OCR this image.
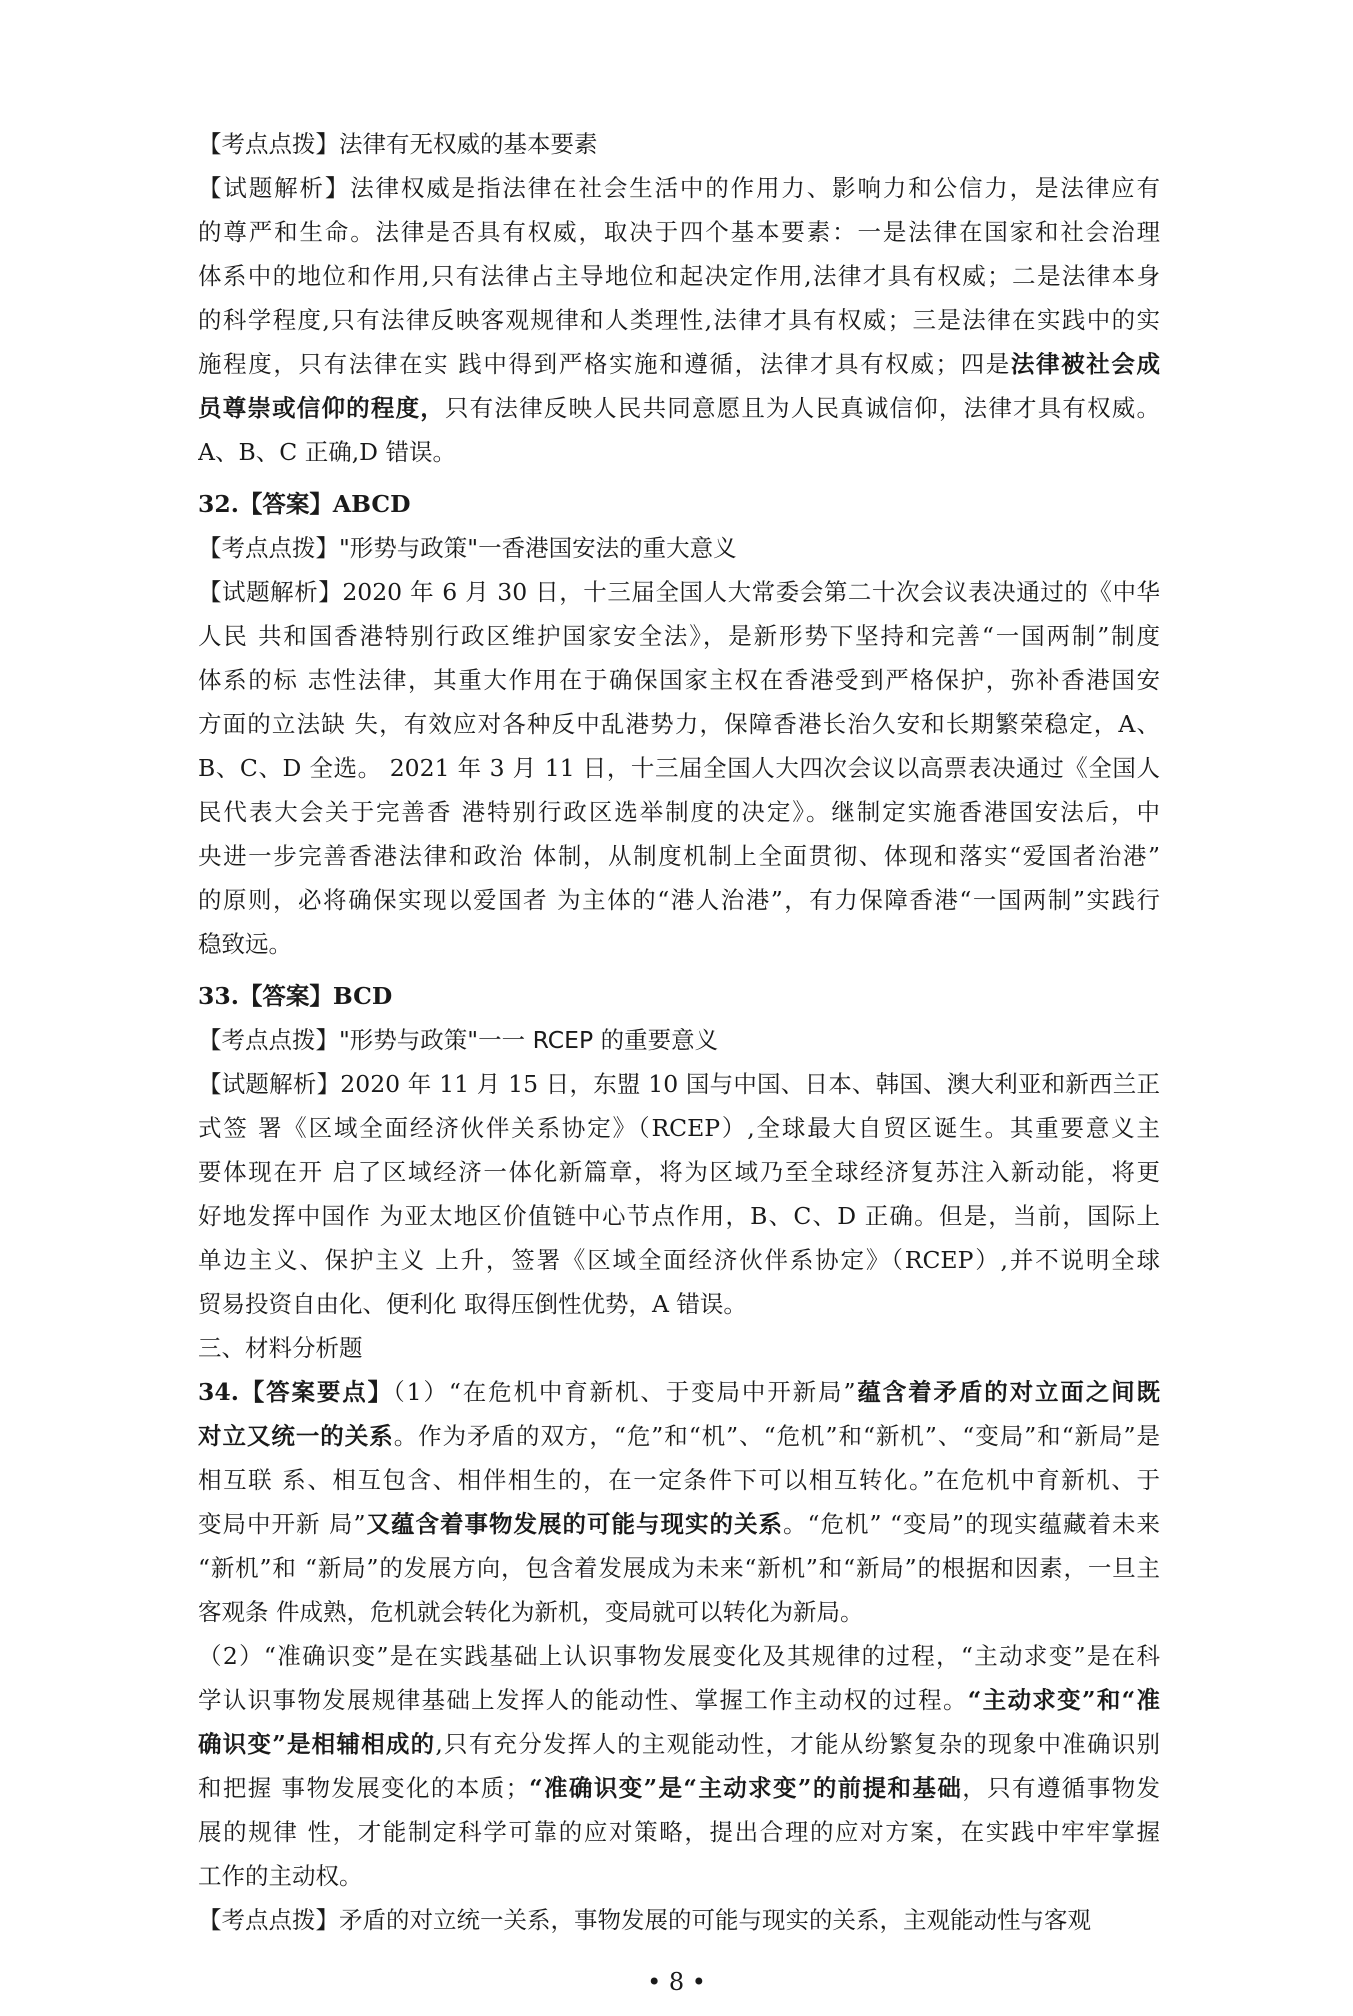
【考点点拨】法律有无权威的基本要素
【试题解析】法律权威是指法律在社会生活中的作用力、影响力和公信力，是法律应有
的尊严和生命。法律是否具有权威，取决于四个基本要素：一是法律在国家和社会治理
体系中的地位和作用,只有法律占主导地位和起决定作用,法律才具有权威；二是法律本身
的科学程度,只有法律反映客观规律和人类理性,法律才具有权威；三是法律在实践中的实
施程度，只有法律在实 践中得到严格实施和遵循，法律才具有权威；四是法律被社会成
员尊崇或信仰的程度，只有法律反映人民共同意愿且为人民真诚信仰，法律才具有权威。
A、B、C 正确,D 错误。
32.【答案】ABCD
【考点点拨】"形势与政策"一香港国安法的重大意义
【试题解析】2020 年 6 月 30 日，十三届全国人大常委会第二十次会议表决通过的《中华
人民 共和国香港特别行政区维护国家安全法》，是新形势下坚持和完善“一国两制”制度
体系的标 志性法律，其重大作用在于确保国家主权在香港受到严格保护，弥补香港国安
方面的立法缺 失，有效应对各种反中乱港势力，保障香港长治久安和长期繁荣稳定，A、
B、C、D 全选。 2021 年 3 月 11 日，十三届全国人大四次会议以高票表决通过《全国人
民代表大会关于完善香 港特别行政区选举制度的决定》。继制定实施香港国安法后，中
央进一步完善香港法律和政治 体制，从制度机制上全面贯彻、体现和落实“爱国者治港”
的原则，必将确保实现以爱国者 为主体的“港人治港”，有力保障香港“一国两制”实践行
稳致远。
33.【答案】BCD
【考点点拨】"形势与政策"一一 RCEP 的重要意义
【试题解析】2020 年 11 月 15 日，东盟 10 国与中国、日本、韩国、澳大利亚和新西兰正
式签 署《区域全面经济伙伴关系协定》（RCEP）,全球最大自贸区诞生。其重要意义主
要体现在开 启了区域经济一体化新篇章，将为区域乃至全球经济复苏注入新动能，将更
好地发挥中国作 为亚太地区价值链中心节点作用，B、C、D 正确。但是，当前，国际上
单边主义、保护主义 上升，签署《区域全面经济伙伴系协定》（RCEP）,并不说明全球
贸易投资自由化、便利化 取得压倒性优势，A 错误。
三、材料分析题
34.【答案要点】（1）“在危机中育新机、于变局中开新局”蕴含着矛盾的对立面之间既
对立又统一的关系。作为矛盾的双方，“危”和“机”、“危机”和“新机”、“变局”和“新局”是
相互联 系、相互包含、相伴相生的，在一定条件下可以相互转化。”在危机中育新机、于
变局中开新 局”又蕴含着事物发展的可能与现实的关系。“危机” “变局”的现实蕴藏着未来
“新机”和 “新局”的发展方向，包含着发展成为未来“新机”和“新局”的根据和因素，一旦主
客观条 件成熟，危机就会转化为新机，变局就可以转化为新局。
（2）“准确识变”是在实践基础上认识事物发展变化及其规律的过程，“主动求变”是在科
学认识事物发展规律基础上发挥人的能动性、掌握工作主动权的过程。“主动求变”和“准
确识变”是相辅相成的,只有充分发挥人的主观能动性，才能从纷繁复杂的现象中准确识别
和把握 事物发展变化的本质；“准确识变”是“主动求变”的前提和基础，只有遵循事物发
展的规律 性，才能制定科学可靠的应对策略，提出合理的应对方案，在实践中牢牢掌握
工作的主动权。
【考点点拨】矛盾的对立统一关系，事物发展的可能与现实的关系，主观能动性与客观
• 8 •
